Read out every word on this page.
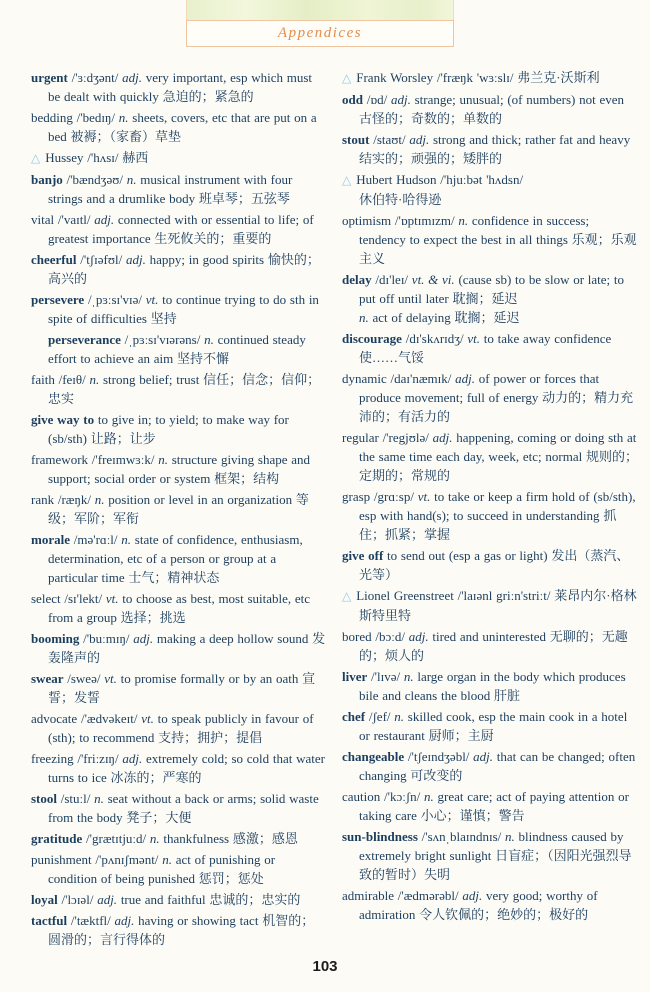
Appendices

urgent /'ɜːdʒənt/ adj. very important, esp which must be dealt with quickly 急迫的；紧急的

bedding /'bedɪŋ/ n. sheets, covers, etc that are put on a bed 被褥；（家畜）草垫

△ Hussey /'hʌsɪ/ 赫西

banjo /'bændʒəʊ/ n. musical instrument with four strings and a drumlike body 班卓琴；五弦琴

vital /'vaɪtl/ adj. connected with or essential to life; of greatest importance 生死攸关的；重要的

cheerful /'tʃɪəfʊl/ adj. happy; in good spirits 愉快的；高兴的

persevere /ˌpɜːsɪ'vɪə/ vt. to continue trying to do sth in spite of difficulties 坚持

perseverance /ˌpɜːsɪ'vɪərəns/ n. continued steady effort to achieve an aim 坚持不懈

faith /feɪθ/ n. strong belief; trust 信任；信念；信仰；忠实

give way to to give in; to yield; to make way for (sb/sth) 让路；让步

framework /'freɪmwɜːk/ n. structure giving shape and support; social order or system 框架；结构

rank /ræŋk/ n. position or level in an organization 等级；军阶；军衔

morale /mə'rɑːl/ n. state of confidence, enthusiasm, determination, etc of a person or group at a particular time 士气；精神状态

select /sɪ'lekt/ vt. to choose as best, most suitable, etc from a group 选择；挑选

booming /'buːmɪŋ/ adj. making a deep hollow sound 发轰隆声的

swear /sweə/ vt. to promise formally or by an oath 宣誓；发誓

advocate /'ædvəkeɪt/ vt. to speak publicly in favour of (sth); to recommend 支持；拥护；提倡

freezing /'friːzɪŋ/ adj. extremely cold; so cold that water turns to ice 冰冻的；严寒的

stool /stuːl/ n. seat without a back or arms; solid waste from the body 凳子；大便

gratitude /'grætɪtjuːd/ n. thankfulness 感激；感恩

punishment /'pʌnɪʃmənt/ n. act of punishing or condition of being punished 惩罚；惩处

loyal /'lɔɪəl/ adj. true and faithful 忠诚的；忠实的

tactful /'tæktfl/ adj. having or showing tact 机智的；圆滑的；言行得体的

△ Frank Worsley /'fræŋk 'wɜːslɪ/ 弗兰克·沃斯利

odd /ɒd/ adj. strange; unusual; (of numbers) not even 古怪的；奇数的；单数的

stout /staʊt/ adj. strong and thick; rather fat and heavy 结实的；顽强的；矮胖的

△ Hubert Hudson /'hjuːbət 'hʌdsn/
休伯特·哈得逊

optimism /'ɒptɪmɪzm/ n. confidence in success; tendency to expect the best in all things 乐观；乐观主义

delay /dɪ'leɪ/ vt. & vi. (cause sb) to be slow or late; to put off until later 耽搁；延迟
n. act of delaying 耽搁；延迟

discourage /dɪ'skʌrɪdʒ/ vt. to take away confidence 使……气馁

dynamic /daɪ'næmɪk/ adj. of power or forces that produce movement; full of energy 动力的；精力充沛的；有活力的

regular /'regjʊlə/ adj. happening, coming or doing sth at the same time each day, week, etc; normal 规则的；定期的；常规的

grasp /grɑːsp/ vt. to take or keep a firm hold of (sb/sth), esp with hand(s); to succeed in understanding 抓住；抓紧；掌握

give off to send out (esp a gas or light) 发出（蒸汽、光等）

△ Lionel Greenstreet /'laɪənl griːn'striːt/ 莱昂内尔·格林斯特里特

bored /bɔːd/ adj. tired and uninterested 无聊的；无趣的；烦人的

liver /'lɪvə/ n. large organ in the body which produces bile and cleans the blood 肝脏

chef /ʃef/ n. skilled cook, esp the main cook in a hotel or restaurant 厨师；主厨

changeable /'tʃeɪndʒəbl/ adj. that can be changed; often changing 可改变的

caution /'kɔːʃn/ n. great care; act of paying attention or taking care 小心；谨慎；警告

sun-blindness /'sʌnˌblaɪndnɪs/ n. blindness caused by extremely bright sunlight 日盲症；（因阳光强烈导致的暂时）失明

admirable /'ædmərəbl/ adj. very good; worthy of admiration 令人钦佩的；绝妙的；极好的

103
